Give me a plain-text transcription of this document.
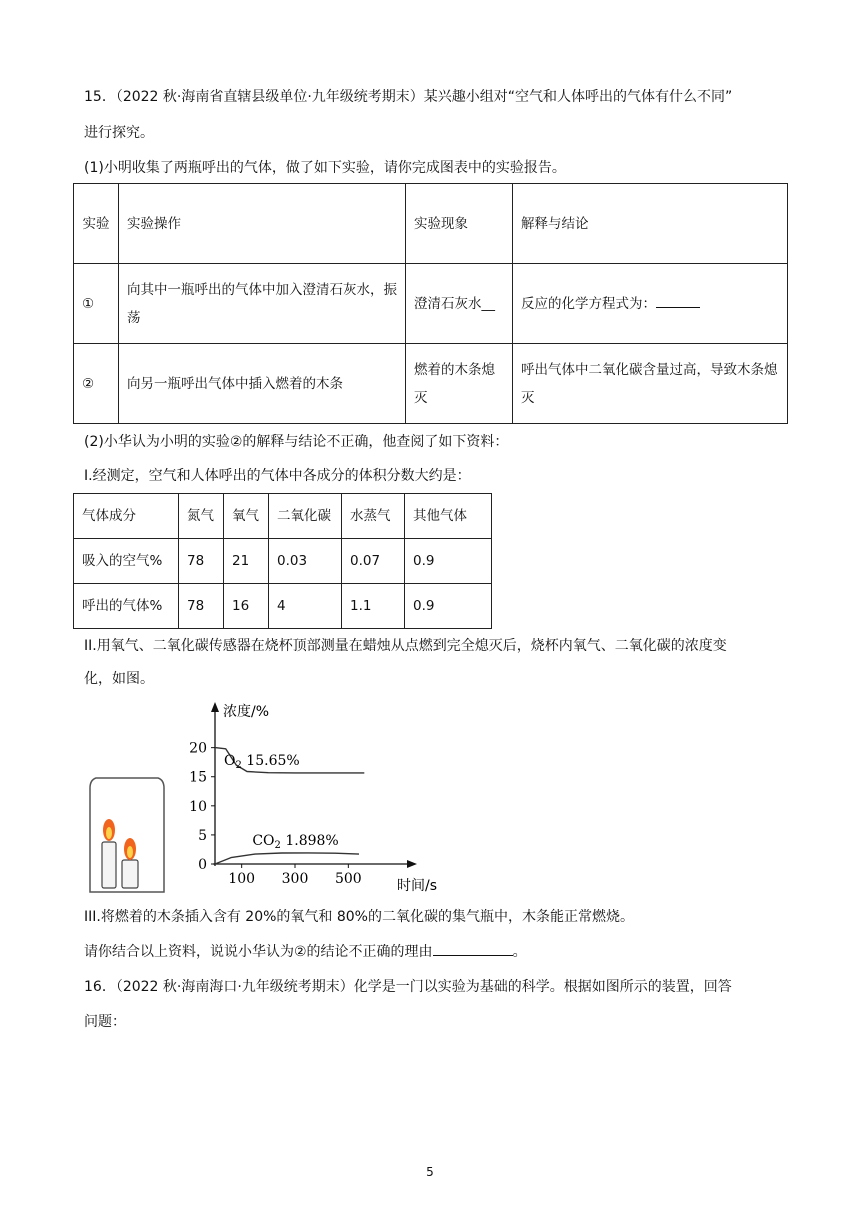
15．（2022 秋·海南省直辖县级单位·九年级统考期末）某兴趣小组对“空气和人体呼出的气体有什么不同”
进行探究。
(1)小明收集了两瓶呼出的气体，做了如下实验，请你完成图表中的实验报告。
实验	实验操作	实验现象	解释与结论
①	向其中一瓶呼出的气体中加入澄清石灰水，振荡	澄清石灰水__	反应的化学方程式为：
②	向另一瓶呼出气体中插入燃着的木条	燃着的木条熄灭	呼出气体中二氧化碳含量过高，导致木条熄灭
(2)小华认为小明的实验②的解释与结论不正确，他查阅了如下资料：
I.经测定，空气和人体呼出的气体中各成分的体积分数大约是：
气体成分	氮气	氧气	二氧化碳	水蒸气	其他气体
吸入的空气%	78	21	0.03	0.07	0.9
呼出的气体%	78	16	4	1.1	0.9
II.用氧气、二氧化碳传感器在烧杯顶部测量在蜡烛从点燃到完全熄灭后，烧杯内氧气、二氧化碳的浓度变
化，如图。
浓度/%
时间/s
0
5
10
15
20
100 300 500
$O_2$ 15.65%
$CO_2$ 1.898%
III.将燃着的木条插入含有 20%的氧气和 80%的二氧化碳的集气瓶中，木条能正常燃烧。
请你结合以上资料，说说小华认为②的结论不正确的理由	。
16．（2022 秋·海南海口·九年级统考期末）化学是一门以实验为基础的科学。根据如图所示的装置，回答
问题：
5
